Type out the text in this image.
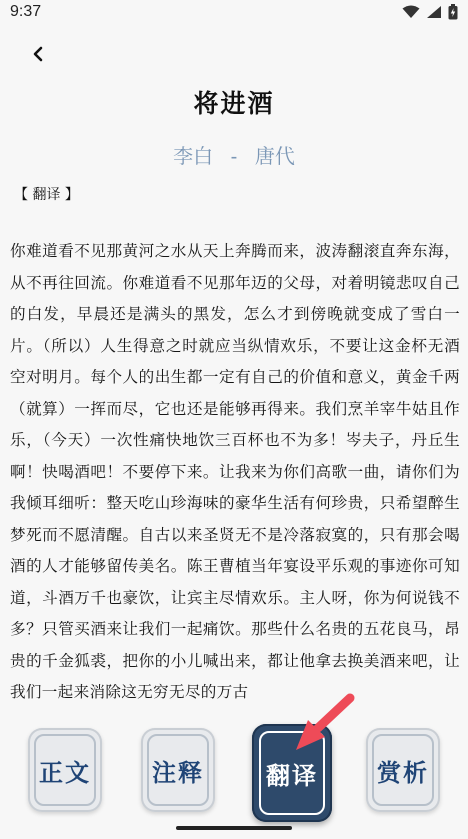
9:37
将进酒
李白 - 唐代
【 翻译 】
你难道看不见那黄河之水从天上奔腾而来，波涛翻滚直奔东海，从不再往回流。你难道看不见那年迈的父母，对着明镜悲叹自己的白发，早晨还是满头的黑发，怎么才到傍晚就变成了雪白一片。（所以）人生得意之时就应当纵情欢乐，不要让这金杯无酒空对明月。每个人的出生都一定有自己的价值和意义，黄金千两（就算）一挥而尽，它也还是能够再得来。我们烹羊宰牛姑且作乐，（今天）一次性痛快地饮三百杯也不为多！岑夫子，丹丘生啊！快喝酒吧！不要停下来。让我来为你们高歌一曲，请你们为我倾耳细听：整天吃山珍海味的豪华生活有何珍贵，只希望醉生梦死而不愿清醒。自古以来圣贤无不是冷落寂寞的，只有那会喝酒的人才能够留传美名。陈王曹植当年宴设平乐观的事迹你可知道，斗酒万千也豪饮，让宾主尽情欢乐。主人呀，你为何说钱不多？只管买酒来让我们一起痛饮。那些什么名贵的五花良马，昂贵的千金狐裘，把你的小儿喊出来，都让他拿去换美酒来吧，让我们一起来消除这无穷无尽的万古
正文	注释	翻译 赏析
